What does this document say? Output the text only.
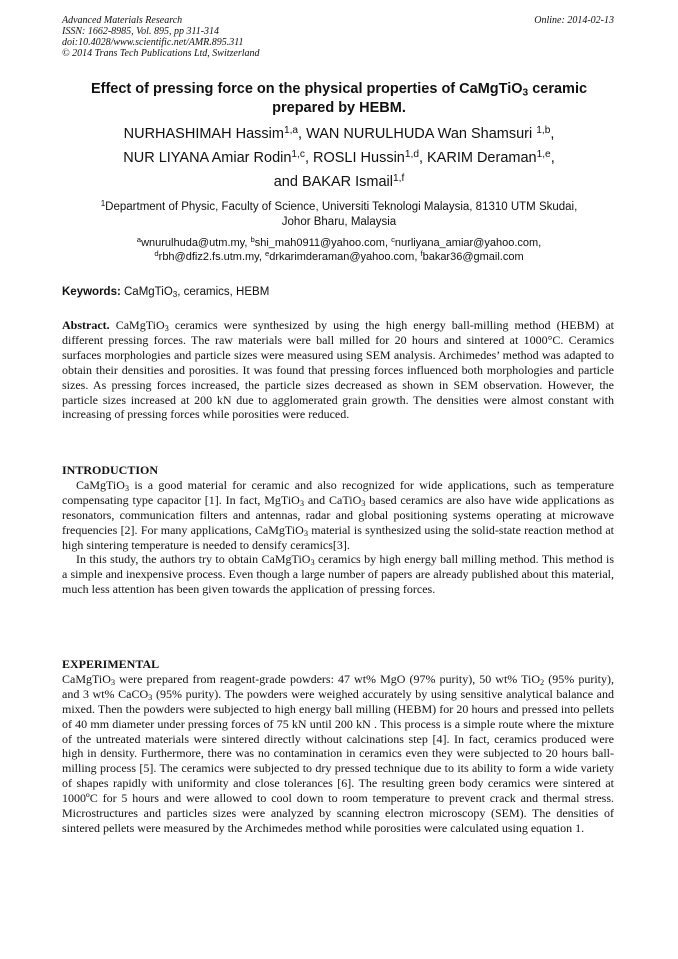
Advanced Materials Research
ISSN: 1662-8985, Vol. 895, pp 311-314
doi:10.4028/www.scientific.net/AMR.895.311
© 2014 Trans Tech Publications Ltd, Switzerland
Online: 2014-02-13
Effect of pressing force on the physical properties of CaMgTiO$_3$ ceramic
prepared by HEBM.
NURHASHIMAH Hassim$^{1,a}$, WAN NURULHUDA Wan Shamsuri $^{1,b}$,
NUR LIYANA Amiar Rodin$^{1,c}$, ROSLI Hussin$^{1,d}$, KARIM Deraman$^{1,e}$,
and BAKAR Ismail$^{1,f}$
$^1$Department of Physic, Faculty of Science, Universiti Teknologi Malaysia, 81310 UTM Skudai,
Johor Bharu, Malaysia
$^a$wnurulhuda@utm.my, $^b$shi_mah0911@yahoo.com, $^c$nurliyana_amiar@yahoo.com,
$^d$rbh@dfiz2.fs.utm.my, $^e$drkarimderaman@yahoo.com, $^f$bakar36@gmail.com
Keywords: CaMgTiO$_3$, ceramics, HEBM

Abstract. CaMgTiO$_3$ ceramics were synthesized by using the high energy ball-milling method (HEBM) at different pressing forces. The raw materials were ball milled for 20 hours and sintered at 1000°C. Ceramics surfaces morphologies and particle sizes were measured using SEM analysis. Archimedes’ method was adapted to obtain their densities and porosities. It was found that pressing forces influenced both morphologies and particle sizes. As pressing forces increased, the particle sizes decreased as shown in SEM observation. However, the particle sizes increased at 200 kN due to agglomerated grain growth. The densities were almost constant with increasing of pressing forces while porosities were reduced.

INTRODUCTION

CaMgTiO$_3$ is a good material for ceramic and also recognized for wide applications, such as temperature compensating type capacitor [1]. In fact, MgTiO$_3$ and CaTiO$_3$ based ceramics are also have wide applications as resonators, communication filters and antennas, radar and global positioning systems operating at microwave frequencies [2]. For many applications, CaMgTiO$_3$ material is synthesized using the solid-state reaction method at high sintering temperature is needed to densify ceramics[3].

In this study, the authors try to obtain CaMgTiO$_3$ ceramics by high energy ball milling method. This method is a simple and inexpensive process. Even though a large number of papers are already published about this material, much less attention has been given towards the application of pressing forces.

EXPERIMENTAL

CaMgTiO$_3$ were prepared from reagent-grade powders: 47 wt% MgO (97% purity), 50 wt% TiO$_2$ (95% purity), and 3 wt% CaCO$_3$ (95% purity). The powders were weighed accurately by using sensitive analytical balance and mixed. Then the powders were subjected to high energy ball milling (HEBM) for 20 hours and pressed into pellets of 40 mm diameter under pressing forces of 75 kN until 200 kN . This process is a simple route where the mixture of the untreated materials were sintered directly without calcinations step [4]. In fact, ceramics produced were high in density. Furthermore, there was no contamination in ceramics even they were subjected to 20 hours ball-milling process [5]. The ceramics were subjected to dry pressed technique due to its ability to form a wide variety of shapes rapidly with uniformity and close tolerances [6]. The resulting green body ceramics were sintered at 1000ºC for 5 hours and were allowed to cool down to room temperature to prevent crack and thermal stress. Microstructures and particles sizes were analyzed by scanning electron microscopy (SEM). The densities of sintered pellets were measured by the Archimedes method while porosities were calculated using equation 1.
